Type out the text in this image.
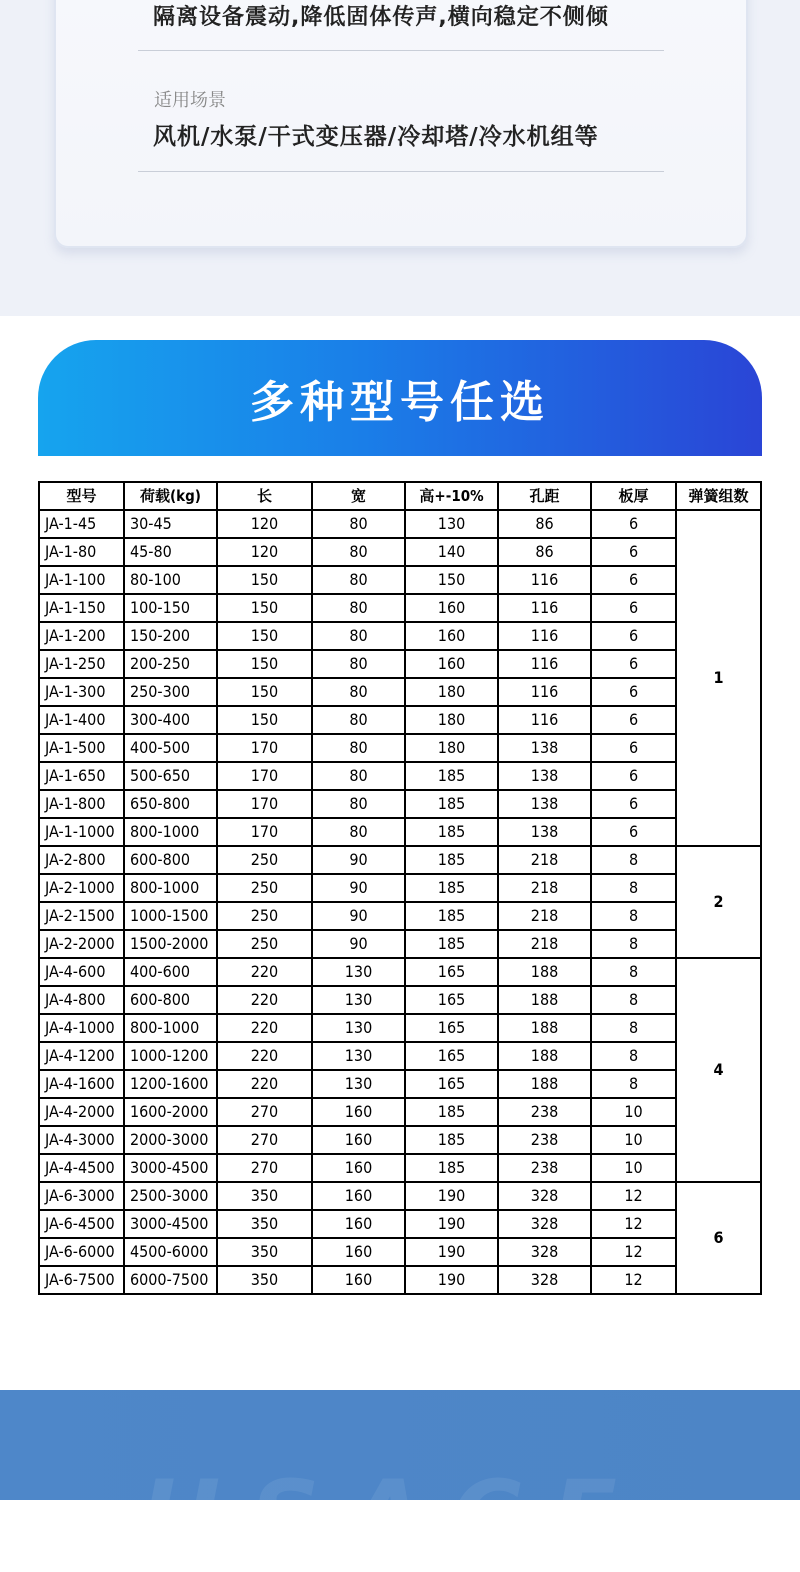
隔离设备震动,降低固体传声,横向稳定不侧倾
适用场景
风机/水泵/干式变压器/冷却塔/冷水机组等
多种型号任选
型号	荷载(kg)	长	宽	高+-10%	孔距	板厚	弹簧组数
JA-1-45	30-45	120	80	130	86	6	1
JA-1-80	45-80	120	80	140	86	6	
JA-1-100	80-100	150	80	150	116	6	
JA-1-150	100-150	150	80	160	116	6	
JA-1-200	150-200	150	80	160	116	6	
JA-1-250	200-250	150	80	160	116	6	
JA-1-300	250-300	150	80	180	116	6	
JA-1-400	300-400	150	80	180	116	6	
JA-1-500	400-500	170	80	180	138	6	
JA-1-650	500-650	170	80	185	138	6	
JA-1-800	650-800	170	80	185	138	6	
JA-1-1000	800-1000	170	80	185	138	6	
JA-2-800	600-800	250	90	185	218	8	2
JA-2-1000	800-1000	250	90	185	218	8	
JA-2-1500	1000-1500	250	90	185	218	8	
JA-2-2000	1500-2000	250	90	185	218	8	
JA-4-600	400-600	220	130	165	188	8	4
JA-4-800	600-800	220	130	165	188	8	
JA-4-1000	800-1000	220	130	165	188	8	
JA-4-1200	1000-1200	220	130	165	188	8	
JA-4-1600	1200-1600	220	130	165	188	8	
JA-4-2000	1600-2000	270	160	185	238	10	
JA-4-3000	2000-3000	270	160	185	238	10	
JA-4-4500	3000-4500	270	160	185	238	10	
JA-6-3000	2500-3000	350	160	190	328	12	6
JA-6-4500	3000-4500	350	160	190	328	12	
JA-6-6000	4500-6000	350	160	190	328	12	
JA-6-7500	6000-7500	350	160	190	328	12	
HSACE
